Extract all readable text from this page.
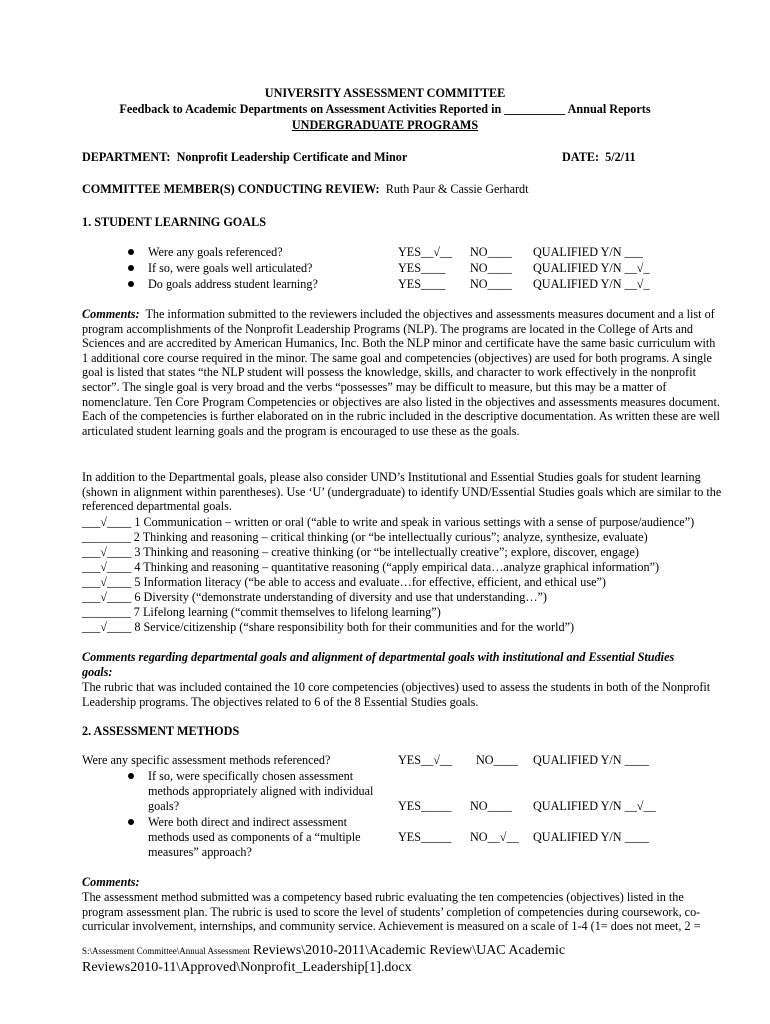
UNIVERSITY ASSESSMENT COMMITTEE
Feedback to Academic Departments on Assessment Activities Reported in __________ Annual Reports
UNDERGRADUATE PROGRAMS
DEPARTMENT: Nonprofit Leadership Certificate and Minor	DATE: 5/2/11
COMMITTEE MEMBER(S) CONDUCTING REVIEW: Ruth Paur & Cassie Gerhardt
1. STUDENT LEARNING GOALS
Were any goals referenced?	YES__√__ NO____ QUALIFIED Y/N ___
If so, were goals well articulated?	YES____ NO____ QUALIFIED Y/N __√_
Do goals address student learning?	YES____ NO____ QUALIFIED Y/N __√_
Comments: The information submitted to the reviewers included the objectives and assessments measures document and a list of program accomplishments of the Nonprofit Leadership Programs (NLP). The programs are located in the College of Arts and Sciences and are accredited by American Humanics, Inc. Both the NLP minor and certificate have the same basic curriculum with 1 additional core course required in the minor. The same goal and competencies (objectives) are used for both programs. A single goal is listed that states “the NLP student will possess the knowledge, skills, and character to work effectively in the nonprofit sector”. The single goal is very broad and the verbs “possesses” may be difficult to measure, but this may be a matter of nomenclature. Ten Core Program Competencies or objectives are also listed in the objectives and assessments measures document. Each of the competencies is further elaborated on in the rubric included in the descriptive documentation. As written these are well articulated student learning goals and the program is encouraged to use these as the goals.
In addition to the Departmental goals, please also consider UND’s Institutional and Essential Studies goals for student learning (shown in alignment within parentheses). Use ‘U’ (undergraduate) to identify UND/Essential Studies goals which are similar to the referenced departmental goals.
___√____ 1 Communication – written or oral (“able to write and speak in various settings with a sense of purpose/audience”)
________ 2 Thinking and reasoning – critical thinking (or “be intellectually curious”; analyze, synthesize, evaluate)
___√____ 3 Thinking and reasoning – creative thinking (or “be intellectually creative”; explore, discover, engage)
___√____ 4 Thinking and reasoning – quantitative reasoning (“apply empirical data…analyze graphical information”)
___√____ 5 Information literacy (“be able to access and evaluate…for effective, efficient, and ethical use”)
___√____ 6 Diversity (“demonstrate understanding of diversity and use that understanding…”)
________ 7 Lifelong learning (“commit themselves to lifelong learning”)
___√____ 8 Service/citizenship (“share responsibility both for their communities and for the world”)
Comments regarding departmental goals and alignment of departmental goals with institutional and Essential Studies
goals:
The rubric that was included contained the 10 core competencies (objectives) used to assess the students in both of the Nonprofit Leadership programs. The objectives related to 6 of the 8 Essential Studies goals.
2. ASSESSMENT METHODS
Were any specific assessment methods referenced?	YES__√__ NO____ QUALIFIED Y/N ____
If so, were specifically chosen assessment
methods appropriately aligned with individual
goals?	YES_____ NO____ QUALIFIED Y/N __√__
Were both direct and indirect assessment
methods used as components of a “multiple
measures” approach?
YES_____ NO__√__ QUALIFIED Y/N ____
Comments:
The assessment method submitted was a competency based rubric evaluating the ten competencies (objectives) listed in the program assessment plan. The rubric is used to score the level of students’ completion of competencies during coursework, co-curricular involvement, internships, and community service. Achievement is measured on a scale of 1-4 (1= does not meet, 2 =
S:\Assessment Committee\Annual Assessment Reviews\2010-2011\Academic Review\UAC Academic
Reviews2010-11\Approved\Nonprofit_Leadership[1].docx
